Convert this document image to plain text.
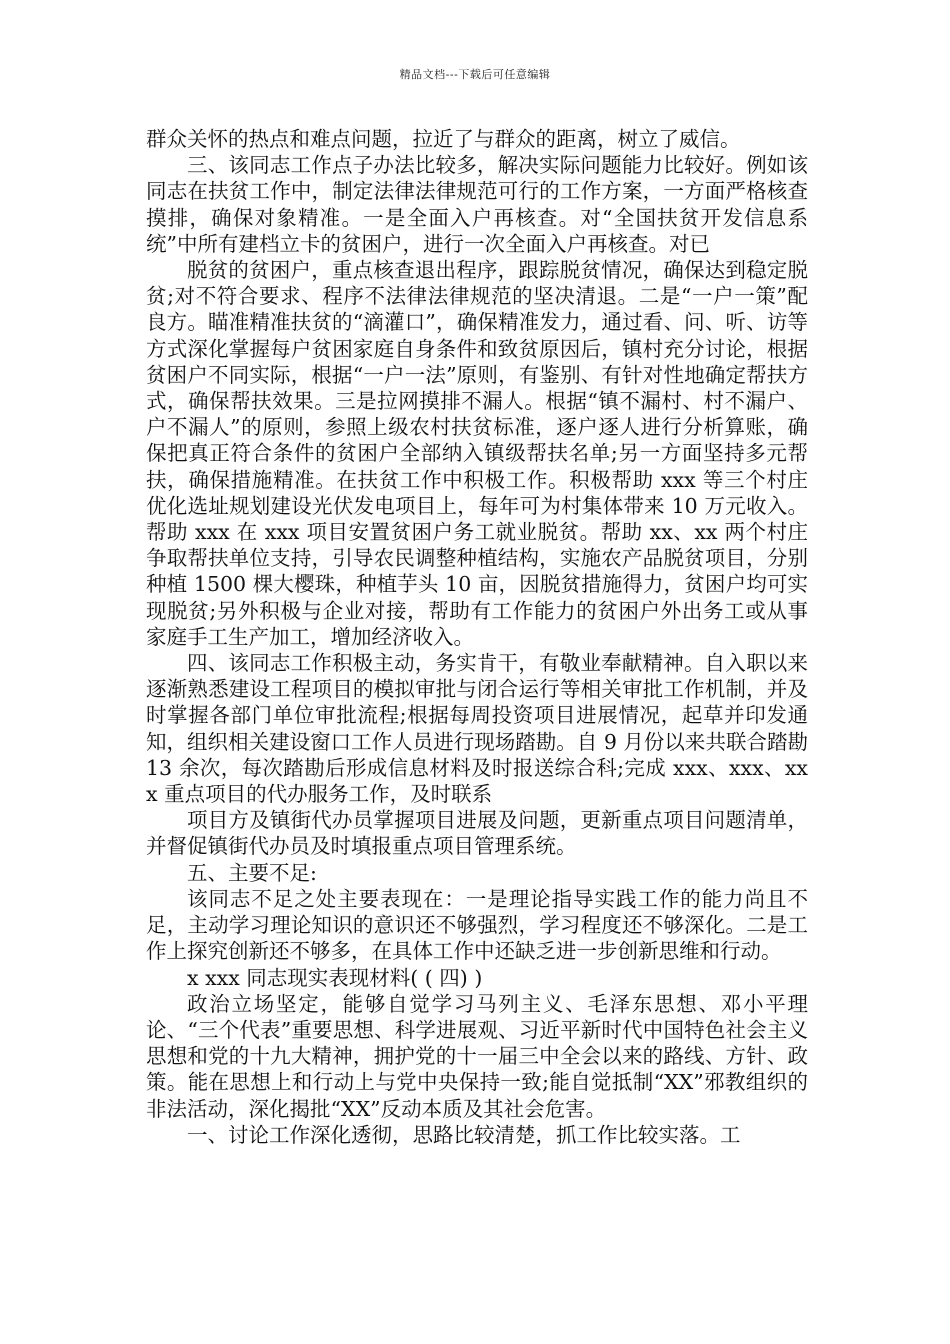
精品文档---下载后可任意编辑

群众关怀的热点和难点问题，拉近了与群众的距离，树立了威信。

三、该同志工作点子办法比较多，解决实际问题能力比较好。例如该同志在扶贫工作中，制定法律法律规范可行的工作方案，一方面严格核查摸排，确保对象精准。一是全面入户再核查。对“全国扶贫开发信息系统”中所有建档立卡的贫困户，进行一次全面入户再核查。对已

脱贫的贫困户，重点核查退出程序，跟踪脱贫情况，确保达到稳定脱贫;对不符合要求、程序不法律法律规范的坚决清退。二是“一户一策”配良方。瞄准精准扶贫的“滴灌口”，确保精准发力，通过看、问、听、访等方式深化掌握每户贫困家庭自身条件和致贫原因后，镇村充分讨论，根据贫困户不同实际，根据“一户一法”原则，有鉴别、有针对性地确定帮扶方式，确保帮扶效果。三是拉网摸排不漏人。根据“镇不漏村、村不漏户、户不漏人”的原则，参照上级农村扶贫标准，逐户逐人进行分析算账，确保把真正符合条件的贫困户全部纳入镇级帮扶名单;另一方面坚持多元帮扶，确保措施精准。在扶贫工作中积极工作。积极帮助 xxx 等三个村庄优化选址规划建设光伏发电项目上，每年可为村集体带来 10 万元收入。帮助 xxx 在 xxx 项目安置贫困户务工就业脱贫。帮助 xx、xx 两个村庄争取帮扶单位支持，引导农民调整种植结构，实施农产品脱贫项目，分别种植 1500 棵大樱珠，种植芋头 10 亩，因脱贫措施得力，贫困户均可实现脱贫;另外积极与企业对接，帮助有工作能力的贫困户外出务工或从事家庭手工生产加工，增加经济收入。

四、该同志工作积极主动，务实肯干，有敬业奉献精神。自入职以来逐渐熟悉建设工程项目的模拟审批与闭合运行等相关审批工作机制，并及时掌握各部门单位审批流程;根据每周投资项目进展情况，起草并印发通知，组织相关建设窗口工作人员进行现场踏勘。自 9 月份以来共联合踏勘 13 余次，每次踏勘后形成信息材料及时报送综合科;完成 xxx、xxx、xxx 重点项目的代办服务工作，及时联系

项目方及镇街代办员掌握项目进展及问题，更新重点项目问题清单，并督促镇街代办员及时填报重点项目管理系统。

五、主要不足:

该同志不足之处主要表现在：一是理论指导实践工作的能力尚且不足，主动学习理论知识的意识还不够强烈，学习程度还不够深化。二是工作上探究创新还不够多，在具体工作中还缺乏进一步创新思维和行动。

x xxx 同志现实表现材料( ( 四) )

政治立场坚定，能够自觉学习马列主义、毛泽东思想、邓小平理论、“三个代表”重要思想、科学进展观、习近平新时代中国特色社会主义思想和党的十九大精神，拥护党的十一届三中全会以来的路线、方针、政策。能在思想上和行动上与党中央保持一致;能自觉抵制“XX”邪教组织的非法活动，深化揭批“XX”反动本质及其社会危害。

一、讨论工作深化透彻，思路比较清楚，抓工作比较实落。工
